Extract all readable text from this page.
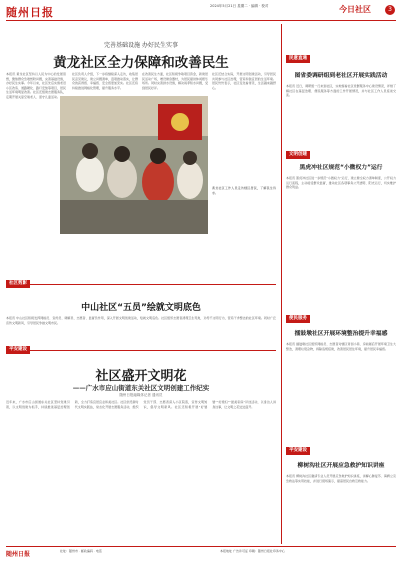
随州日报	2024年5月21日 星期二 · 编辑 · 校对	今日社区	3
完善基础设施 办好民生实事
黄龙社区全力保障和改善民生
本报讯 黄龙社区坚持以人民为中心的发展思想，聚焦群众急难愁盼问题，完善基础设施，办好民生实事。今年以来，社区先后实施老旧小区改造、道路硬化、路灯安装等项目，居民生活环境明显改善。社区还组建志愿服务队，定期开展关爱空巢老人、留守儿童活动。
社区负责人介绍，下一步将继续深入走访，收集居民意见建议，建立问题清单，逐项推动落实，让群众的获得感、幸福感、安全感更加充实。社区还将持续推进网格化管理，提升服务水平。
在改善民生方面，社区积极争取项目资金，新建居民活动广场，增设健身器材，为居民提供休闲娱乐场所。同时完善排水设施，解决雨季积水问题，受到居民好评。
社区还结合实际，开展文明创建活动，引导居民共同参与社区治理，营造和谐宜居的生活环境。居民纷纷表示，社区变化看得见，生活越来越舒心。
黄龙社区工作人员走访辖区居民，了解民生诉求。
社区剪影
中山社区“五员”绘就文明底色
本报讯 中山社区积极发挥网格员、宣传员、调解员、志愿者、监督员作用，深入开展文明创建活动，绘就文明底色。社区组织志愿者清理卫生死角，劝导不文明行为，营造干净整洁的社区环境。同时广泛宣传文明新风，引导居民争做文明市民。
平安建设
社区盛开文明花
——广水市应山街道东关社区文明创建工作纪实
随州日报融媒体记者 通讯员
近年来，广水市应山街道东关社区坚持党建引领，以文明创建为抓手，持续推进基层治理创新，全力打造宜居宜业和美社区。社区依托新时代文明实践站，常态化开展志愿服务活动，组织党员干部、志愿者深入小区院落，宣传文明知识，倡导文明新风。社区还积极开展“好婆婆”“好媳妇”“最美家庭”评选活动，以身边人讲身边事，让文明之花处处盛开。
民意直通
图省委调研组到老社区开展实践活动
本报讯 近日，调研组一行来到社区，实地察看社区党群服务中心建设情况，详细了解社区在基层治理、便民服务等方面的工作开展情况，并与社区工作人员座谈交流。
文明创建
黑虎冲社区规范“小微权力”运行
本报讯 黑虎冲社区进一步规范“小微权力”运行，建立健全权力清单制度，公开权力运行流程，主动接受群众监督，推动社区各项事务公开透明、阳光运行，切实维护群众利益。
便民服务
擂鼓墩社区开展环境整治提升幸福感
本报讯 擂鼓墩社区组织网格员、志愿者对辖区背街小巷、房前屋后开展环境卫生大整治，清理垃圾杂物，拆除违规搭建，改善居民居住环境，提升居民幸福感。
平安建设
柳树沟社区开展应急救护知识讲座
本报讯 柳树沟社区邀请专业人员开展应急救护知识讲座，讲解心肺复苏、海姆立克急救法等实用技能，并进行现场演示，提高居民自救互救能力。
随州日报	社址：随州市 · 邮政编码 · 电话	本报地址 广告许可证 印刷：随州日报社印务中心
